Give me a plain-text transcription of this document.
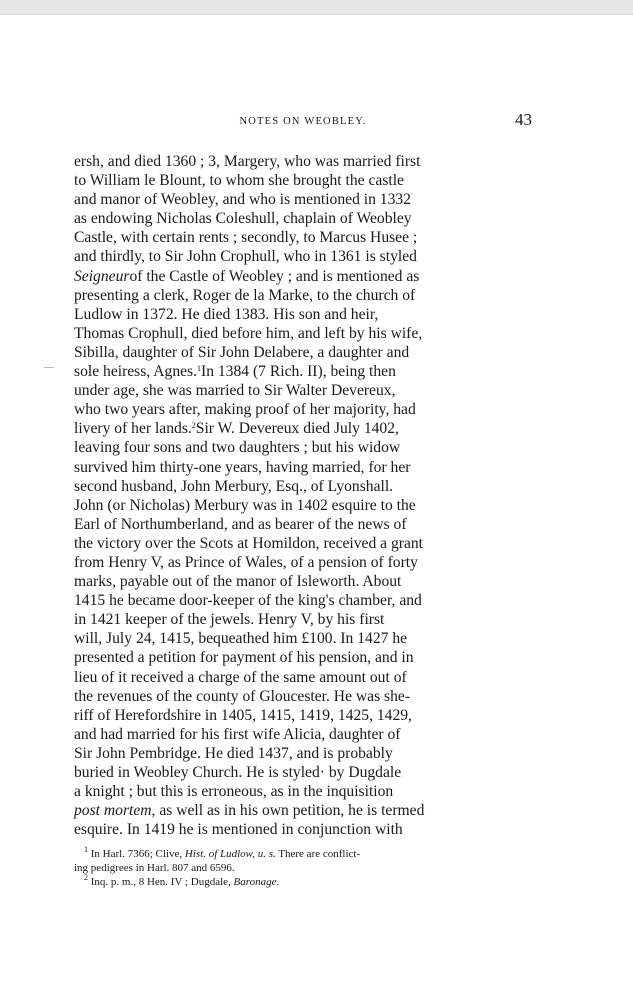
NOTES ON WEOBLEY.	43
ersh, and died 1360 ; 3, Margery, who was married first
to William le Blount, to whom she brought the castle
and manor of Weobley, and who is mentioned in 1332
as endowing Nicholas Coleshull, chaplain of Weobley
Castle, with certain rents ; secondly, to Marcus Husee ;
and thirdly, to Sir John Crophull, who in 1361 is styled
Seigneurof the Castle of Weobley ; and is mentioned as
presenting a clerk, Roger de la Marke, to the church of
Ludlow in 1372. He died 1383. His son and heir,
Thomas Crophull, died before him, and left by his wife,
Sibilla, daughter of Sir John Delabere, a daughter and
sole heiress, Agnes.$^1$In 1384 (7 Rich. II), being then
under age, she was married to Sir Walter Devereux,
who two years after, making proof of her majority, had
livery of her lands.$^2$Sir W. Devereux died July 1402,
leaving four sons and two daughters ; but his widow
survived him thirty-one years, having married, for her
second husband, John Merbury, Esq., of Lyonshall.
John (or Nicholas) Merbury was in 1402 esquire to the
Earl of Northumberland, and as bearer of the news of
the victory over the Scots at Homildon, received a grant
from Henry V, as Prince of Wales, of a pension of forty
marks, payable out of the manor of Isleworth. About
1415 he became door-keeper of the king's chamber, and
in 1421 keeper of the jewels. Henry V, by his first
will, July 24, 1415, bequeathed him £100. In 1427 he
presented a petition for payment of his pension, and in
lieu of it received a charge of the same amount out of
the revenues of the county of Gloucester. He was she-
riff of Herefordshire in 1405, 1415, 1419, 1425, 1429,
and had married for his first wife Alicia, daughter of
Sir John Pembridge. He died 1437, and is probably
buried in Weobley Church. He is styled· by Dugdale
a knight ; but this is erroneous, as in the inquisition
post mortem, as well as in his own petition, he is termed
esquire. In 1419 he is mentioned in conjunction with
$^1$ In Harl. 7366; Clive, Hist. of Ludlow, u. s. There are conflict-
ing pedigrees in Harl. 807 and 6596.
$^2$ Inq. p. m., 8 Hen. IV ; Dugdale, Baronage.
